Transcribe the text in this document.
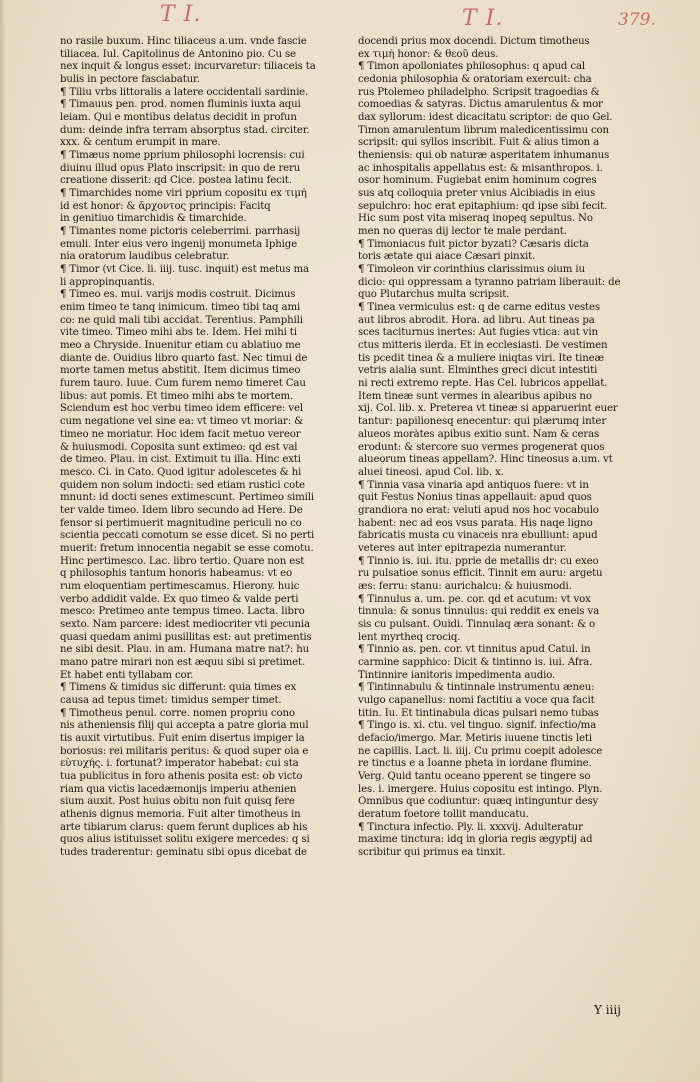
T I.	T I.	379.
no rasile buxum. Hinc tiliaceus a.um. vnde fascie
tiliacea. Iul. Capitolinus de Antonino pio. Cu se
nex inquit & longus esset: incurvaretur: tiliaceis ta
bulis in pectore fasciabatur.
¶ Tiliu vrbs littoralis a latere occidentali sardinie.
¶ Timauus pen. prod. nomen fluminis iuxta aqui
leiam. Qui e montibus delatus decidit in profun
dum: deinde infra terram absorptus stad. circiter.
xxx. & centum erumpit in mare.
¶ Timæus nome pprium philosophi locrensis: cui
diuinu illud opus Plato inscripsit: in quo de reru
creatione disserit: qd Cice. postea latinu fecit.
¶ Timarchides nome viri pprium copositu ex τιμή
id est honor: & ἄρχοντος principis: Facitq
in genitiuo timarchidis & timarchide.
¶ Timantes nome pictoris celeberrimi. parrhasij
emuli. Inter eius vero ingenij monumeta Iphige
nia oratorum laudibus celebratur.
¶ Timor (vt Cice. li. iiij. tusc. inquit) est metus ma
li appropinquantis.
¶ Timeo es. mui. varijs modis costruit. Dicimus
enim timeo te tanq inimicum. timeo tibi taq ami
co: ne quid mali tibi accidat. Terentius. Pamphili
vite timeo. Timeo mihi abs te. Idem. Hei mihi ti
meo a Chryside. Inuenitur etiam cu ablatiuo me
diante de. Ouidius libro quarto fast. Nec timui de
morte tamen metus abstitit. Item dicimus timeo
furem tauro. Iuue. Cum furem nemo timeret Cau
libus: aut pomis. Et timeo mihi abs te mortem.
Sciendum est hoc verbu timeo idem efficere: vel
cum negatione vel sine ea: vt timeo vt moriar: &
timeo ne moriatur. Hoc idem facit metuo vereor
& huiusmodi. Coposita sunt extimeo: qd est val
de timeo. Plau. in cist. Extimuit tu illa. Hinc exti
mesco. Ci. in Cato. Quod igitur adolescetes & hi
quidem non solum indocti: sed etiam rustici cote
mnunt: id docti senes extimescunt. Pertimeo simili
ter valde timeo. Idem libro secundo ad Here. De
fensor si pertimuerit magnitudine periculi no co
scientia peccati comotum se esse dicet. Si no perti
muerit: fretum innocentia negabit se esse comotu.
Hinc pertimesco. Lac. libro tertio. Quare non est
q philosophis tantum honoris habeamus: vt eo
rum eloquentiam pertimescamus. Hierony. huic
verbo addidit valde. Ex quo timeo & valde perti
mesco: Pretimeo ante tempus timeo. Lacta. libro
sexto. Nam parcere: idest mediocriter vti pecunia
quasi quedam animi pusillitas est: aut pretimentis
ne sibi desit. Plau. in am. Humana matre nat?: hu
mano patre mirari non est æquu sibi si pretimet.
Et habet enti tyllabam cor.
¶ Timens & timidus sic differunt: quia times ex
causa ad tepus timet: timidus semper timet.
¶ Timotheus penul. corre. nomen propriu cono
nis atheniensis filij qui accepta a patre gloria mul
tis auxit virtutibus. Fuit enim disertus impiger la
boriosus: rei militaris peritus: & quod super oia e
εὐτυχής. i. fortunat? imperator habebat: cui sta
tua publicitus in foro athenis posita est: ob victo
riam qua victis lacedæmonijs imperiu athenien
sium auxit. Post huius obitu non fuit quisq fere
athenis dignus memoria. Fuit alter timotheus in
arte tibiarum clarus: quem ferunt duplices ab his
quos alius istituisset solitu exigere mercedes: q si
tudes traderentur: geminatu sibi opus dicebat de
docendi prius mox docendi. Dictum timotheus
ex τιμή honor: & θεοῦ deus.
¶ Timon apolloniates philosophus: q apud cal
cedonia philosophia & oratoriam exercuit: cha
rus Ptolemeo philadelpho. Scripsit tragoedias &
comoedias & satyras. Dictus amarulentus & mor
dax syllorum: idest dicacitatu scriptor: de quo Gel.
Timon amarulentum librum maledicentissimu con
scripsit: qui syllos inscribit. Fuit & alius timon a
theniensis: qui ob naturæ asperitatem inhumanus
ac inhospitalis appellatus est: & misanthropos. i.
osor hominum. Fugiebat enim hominum cogres
sus atq colloquia preter vnius Alcibiadis in eius
sepulchro: hoc erat epitaphium: qd ipse sibi fecit.
Hic sum post vita miseraq inopeq sepultus. No
men no queras dij lector te male perdant.
¶ Timoniacus fuit pictor byzati? Cæsaris dicta
toris ætate qui aiace Cæsari pinxit.
¶ Timoleon vir corinthius clarissimus oium iu
dicio: qui oppressam a tyranno patriam liberauit: de
quo Plutarchus multa scripsit.
¶ Tinea vermiculus est: q de carne editus vestes
aut libros abrodit. Hora. ad libru. Aut tineas pa
sces taciturnus inertes: Aut fugies vtica: aut vin
ctus mitteris ilerda. Et in ecclesiasti. De vestimen
tis pcedit tinea & a muliere iniqtas viri. Ite tineæ
vetris aialia sunt. Elminthes greci dicut intestiti
ni recti extremo repte. Has Cel. lubricos appellat.
Item tineæ sunt vermes in alearibus apibus no
xij. Col. lib. x. Preterea vt tineæ si apparuerint euer
tantur: papilionesq enecentur: qui plærumq inter
alueos moràtes apibus exitio sunt. Nam & ceras
erodunt: & stercore suo vermes progenerat quos
alueorum tineas appellam?. Hinc tineosus a.um. vt
aluei tineosi. apud Col. lib. x.
¶ Tinnia vasa vinaria apd antiquos fuere: vt in
quit Festus Nonius tinas appellauit: apud quos
grandiora no erat: veluti apud nos hoc vocabulo
habent: nec ad eos vsus parata. His naqe ligno
fabricatis musta cu vinaceis nra ebulliunt: apud
veteres aut inter epitrapezia numerantur.
¶ Tinnio is. iui. itu. pprie de metallis dr: cu exeo
ru pulsatioe sonus efficit. Tinnit em auru: argetu
æs: ferru: stanu: aurichalcu: & huiusmodi.
¶ Tinnulus a. um. pe. cor. qd et acutum: vt vox
tinnula: & sonus tinnulus: qui reddit ex eneis va
sis cu pulsant. Ouidi. Tinnulaq æra sonant: & o
lent myrtheq crociq.
¶ Tinnio as. pen. cor. vt tinnitus apud Catul. in
carmine sapphico: Dicit & tintinno is. iui. Afra.
Tintinnire ianitoris impedimenta audio.
¶ Tintinnabulu & tintinnale instrumentu æneu:
vulgo capanellus: nomi factitiu a voce qua facit
titin. Iu. Et tintinabula dicas pulsari nemo tubas
¶ Tingo is. xi. ctu. vel tinguo. signif. infectio/ma
defacio/imergo. Mar. Metiris iuuene tinctis leti
ne capillis. Lact. li. iiij. Cu primu coepit adolesce
re tinctus e a Ioanne pheta in iordane flumine.
Verg. Quid tantu oceano pperent se tingere so
les. i. imergere. Huius copositu est intingo. Plyn.
Omnibus que codiuntur: quæq intinguntur desy
deratum foetore tollit manducatu.
¶ Tinctura infectio. Ply. li. xxxvij. Adulteratur
maxime tinctura: idq in gloria regis ægyptij ad
scribitur qui primus ea tinxit.
Y iiij
